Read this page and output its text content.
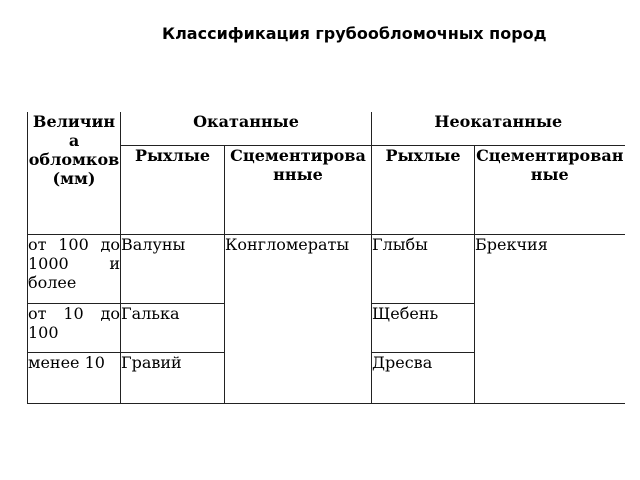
Классификация грубообломочных пород
Величина обломков (мм)	Окатанные		Неокатанные	
	Рыхлые	Сцементированные	Рыхлые	Сцементированные
от 100 до 1000 и более	Валуны	Конгломераты	Глыбы	Брекчия
от 10 до 100	Галька		Щебень	
менее 10	Гравий		Дресва	
